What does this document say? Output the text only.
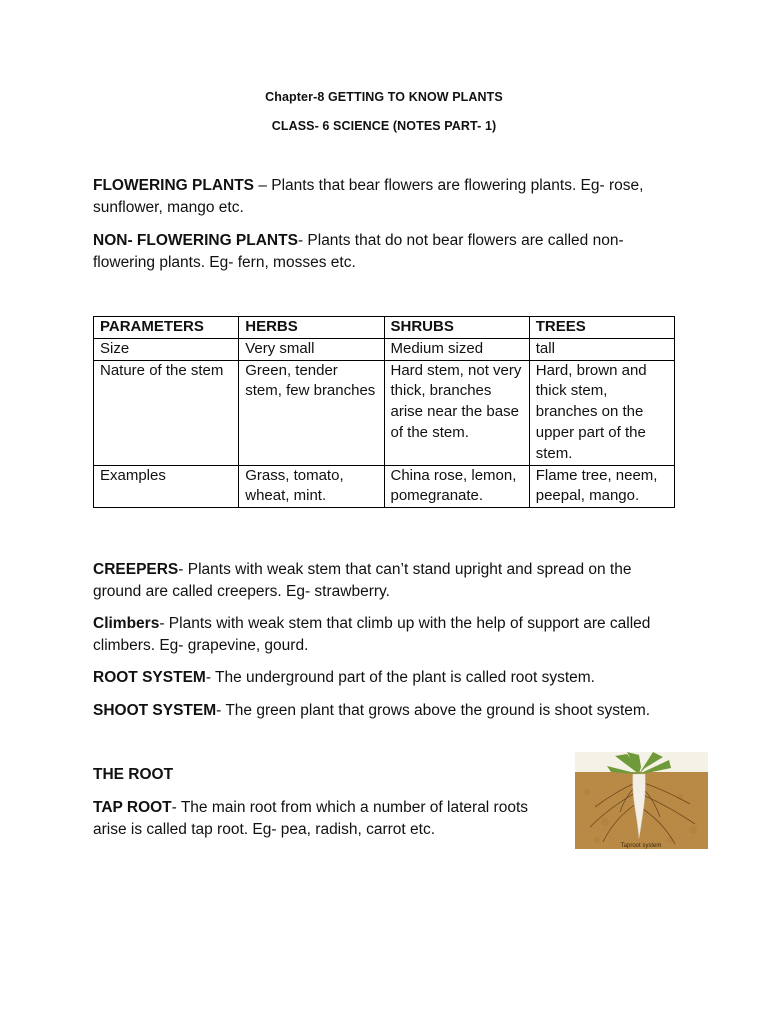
Chapter-8 GETTING TO KNOW PLANTS
CLASS- 6 SCIENCE (NOTES PART- 1)
FLOWERING PLANTS – Plants that bear flowers are flowering plants. Eg- rose, sunflower, mango etc.
NON- FLOWERING PLANTS- Plants that do not bear flowers are called non-flowering plants. Eg- fern, mosses etc.
PARAMETERS	HERBS	SHRUBS	TREES
Size	Very small	Medium sized	tall
Nature of the stem	Green, tender stem, few branches	Hard stem, not very thick, branches arise near the base of the stem.	Hard, brown and thick stem, branches on the upper part of the stem.
Examples	Grass, tomato, wheat, mint.	China rose, lemon, pomegranate.	Flame tree, neem, peepal, mango.
CREEPERS- Plants with weak stem that can’t stand upright and spread on the ground are called creepers. Eg- strawberry.
Climbers- Plants with weak stem that climb up with the help of support are called climbers. Eg- grapevine, gourd.
ROOT SYSTEM- The underground part of the plant is called root system.
SHOOT SYSTEM- The green plant that grows above the ground is shoot system.
THE ROOT
TAP ROOT- The main root from which a number of lateral roots arise is called tap root. Eg- pea, radish, carrot etc.
Taproot system
